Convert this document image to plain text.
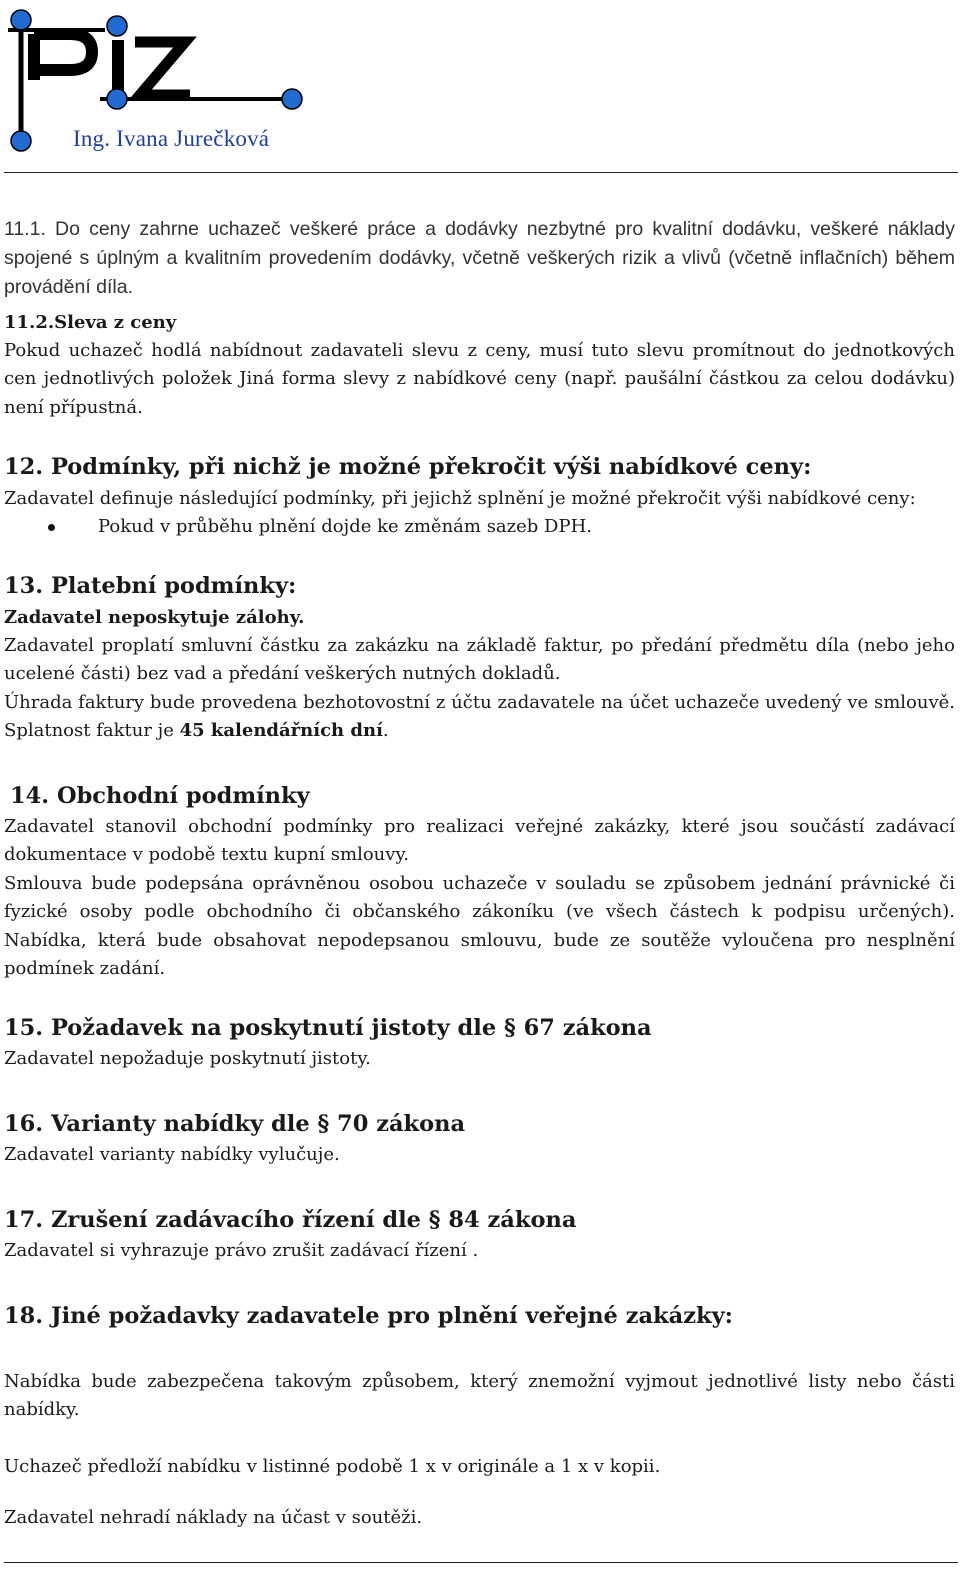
Ing. Ivana Jurečková

11.1. Do ceny zahrne uchazeč veškeré práce a dodávky nezbytné pro kvalitní dodávku, veškeré náklady spojené s úplným a kvalitním provedením dodávky, včetně veškerých rizik a vlivů (včetně inflačních) během provádění díla.

11.2.Sleva z ceny

Pokud uchazeč hodlá nabídnout zadavateli slevu z ceny, musí tuto slevu promítnout do jednotkových cen jednotlivých položek Jiná forma slevy z nabídkové ceny (např. paušální částkou za celou dodávku) není přípustná.

12. Podmínky, při nichž je možné překročit výši nabídkové ceny:

Zadavatel definuje následující podmínky, při jejichž splnění je možné překročit výši nabídkové ceny:

Pokud v průběhu plnění dojde ke změnám sazeb DPH.

13. Platební podmínky:

Zadavatel neposkytuje zálohy.

Zadavatel proplatí smluvní částku za zakázku na základě faktur, po předání předmětu díla (nebo jeho ucelené části) bez vad a předání veškerých nutných dokladů.

Úhrada faktury bude provedena bezhotovostní z účtu zadavatele na účet uchazeče uvedený ve smlouvě. Splatnost faktur je 45 kalendářních dní.

14. Obchodní podmínky

Zadavatel stanovil obchodní podmínky pro realizaci veřejné zakázky, které jsou součástí zadávací dokumentace v podobě textu kupní smlouvy.

Smlouva bude podepsána oprávněnou osobou uchazeče v souladu se způsobem jednání právnické či fyzické osoby podle obchodního či občanského zákoníku (ve všech částech k podpisu určených). Nabídka, která bude obsahovat nepodepsanou smlouvu, bude ze soutěže vyloučena pro nesplnění podmínek zadání.

15. Požadavek na poskytnutí jistoty dle § 67 zákona

Zadavatel nepožaduje poskytnutí jistoty.

16. Varianty nabídky dle § 70 zákona

Zadavatel varianty nabídky vylučuje.

17. Zrušení zadávacího řízení dle § 84 zákona

Zadavatel si vyhrazuje právo zrušit zadávací řízení .

18. Jiné požadavky zadavatele pro plnění veřejné zakázky:

Nabídka bude zabezpečena takovým způsobem, který znemožní vyjmout jednotlivé listy nebo části nabídky.

Uchazeč předloží nabídku v listinné podobě 1 x v originále a 1 x v kopii.

Zadavatel nehradí náklady na účast v soutěži.
